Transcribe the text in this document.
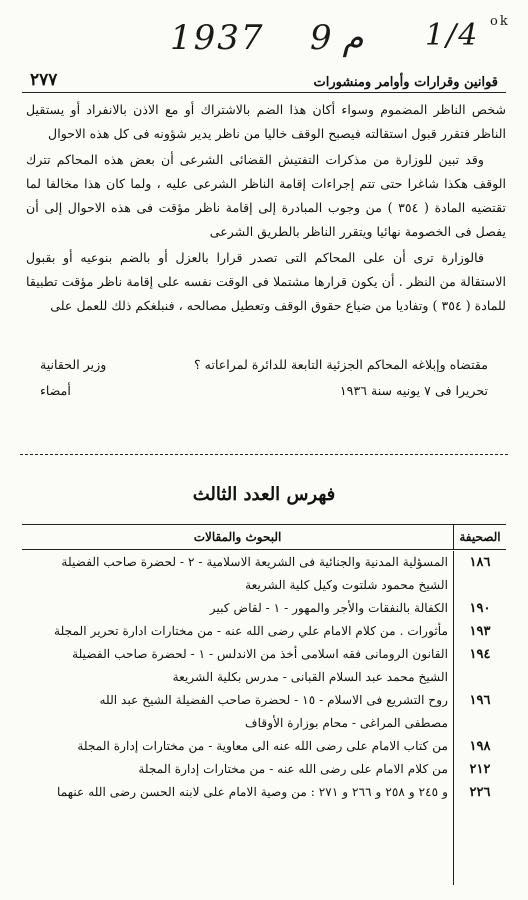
1937 9 م 1/4 ok
٢٧٧	قوانين وقرارات وأوامر ومنشورات

شخص الناظر المضموم وسواء أكان هذا الضم بالاشتراك أو مع الاذن بالانفراد أو يستقيل الناظر فتقرر قبول استقالته فيصبح الوقف خاليا من ناظر يدير شؤونه فى كل هذه الاحوال

وقد تبين للوزارة من مذكرات التفتيش القضائى الشرعى أن بعض هذه المحاكم تترك الوقف هكذا شاغرا حتى تتم إجراءات إقامة الناظر الشرعى عليه ، ولما كان هذا مخالفا لما تقتضيه المادة ( ٣٥٤ ) من وجوب المبادرة إلى إقامة ناظر مؤقت فى هذه الاحوال إلى أن يفصل فى الخصومة نهائيا ويتقرر الناظر بالطريق الشرعى

فالوزارة ترى أن على المحاكم التى تصدر قرارا بالعزل أو بالضم بنوعيه أو بقبول الاستقالة من النظر . أن يكون قرارها مشتملا فى الوقت نفسه على إقامة ناظر مؤقت تطبيقا للمادة ( ٣٥٤ ) وتفاديا من ضياع حقوق الوقف وتعطيل مصالحه ، فنبلغكم ذلك للعمل على

مقتضاه وإبلاغه المحاكم الجزئية التابعة للدائرة لمراعاته ؟
وزير الحقانية
تحريرا فى ٧ يونيه سنة ١٩٣٦
أمضاء
فهرس العدد الثالث
الصحيفة
البحوث والمقالات
١٨٦
المسؤلية المدنية والجنائية فى الشريعة الاسلامية - ٢ - لحضرة صاحب الفضيلة
الشيخ محمود شلتوت وكيل كلية الشريعة
١٩٠
الكفالة بالنفقات والأجر والمهور - ١ - لقاض كبير
١٩٣
مأثورات . من كلام الامام علي رضى الله عنه - من مختارات ادارة تحرير المجلة
١٩٤
القانون الرومانى فقه اسلامى أخذ من الاندلس - ١ - لحضرة صاحب الفضيلة
الشيخ محمد عبد السلام القبانى - مدرس بكلية الشريعة
١٩٦
روح التشريع فى الاسلام - ١٥ - لحضرة صاحب الفضيلة الشيخ عبد الله
مصطفى المراغى - محام بوزارة الأوقاف
١٩٨
من كتاب الامام على رضى الله عنه الى معاوية - من مختارات إدارة المجلة
٢١٢
من كلام الامام على رضى الله عنه - من مختارات إدارة المجلة
٢٢٦
و ٢٤٥ و ٢٥٨ و ٢٦٦ و ٢٧١ : من وصية الامام على لابنه الحسن رضى الله عنهما
